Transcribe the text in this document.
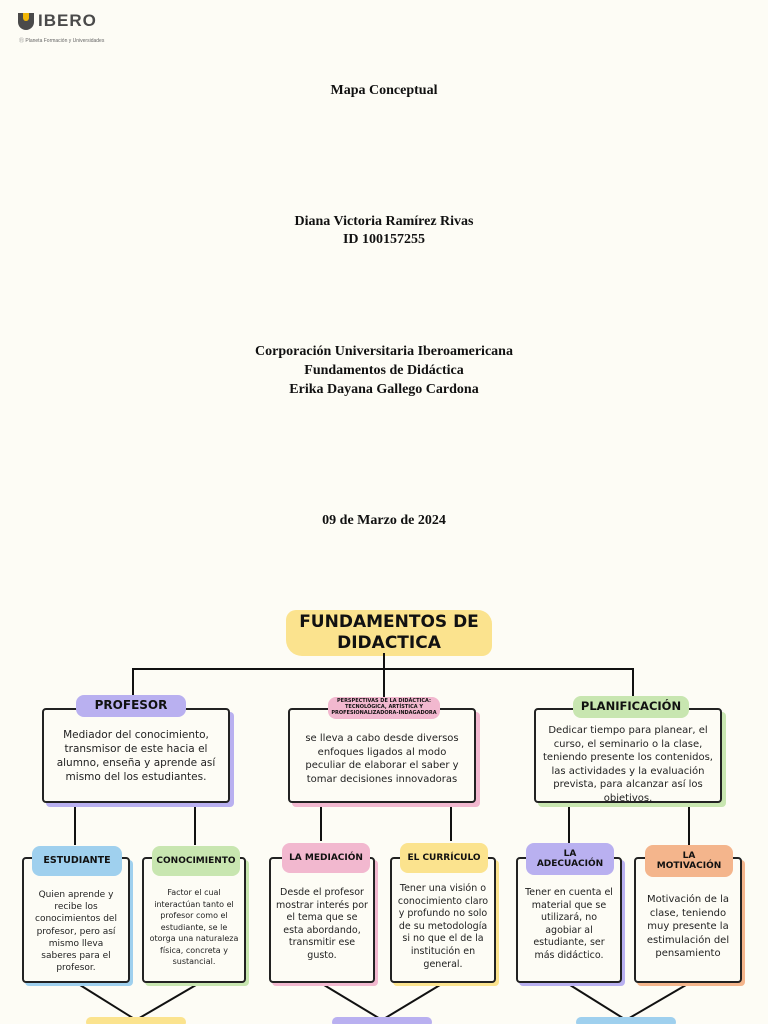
IBERO
Ⓡ Planeta Formación y Universidades
Mapa Conceptual
Diana Victoria Ramírez Rivas
ID 100157255
Corporación Universitaria Iberoamericana
Fundamentos de Didáctica
Erika Dayana Gallego Cardona
09 de Marzo de 2024
FUNDAMENTOS DE DIDACTICA
Mediador del conocimiento, transmisor de este hacia el alumno, enseña y aprende así mismo del los estudiantes.
PROFESOR
se lleva a cabo desde diversos enfoques ligados al modo peculiar de elaborar el saber y tomar decisiones innovadoras
PERSPECTIVAS DE LA DIDÁCTICA: TECNOLÓGICA, ARTÍSTICA Y PROFESIONALIZADORA-INDAGADORA
Dedicar tiempo para planear, el curso, el seminario o la clase, teniendo presente los contenidos, las actividades y la evaluación prevista, para alcanzar así los objetivos.
PLANIFICACIÓN
Quien aprende y recibe los conocimientos del profesor, pero así mismo lleva saberes para el profesor.
ESTUDIANTE
Factor el cual interactúan tanto el profesor como el estudiante, se le otorga una naturaleza física, concreta y sustancial.
CONOCIMIENTO
Desde el profesor mostrar interés por el tema que se esta abordando, transmitir ese gusto.
LA MEDIACIÓN
Tener una visión o conocimiento claro y profundo no solo de su metodología si no que el de la institución en general.
EL CURRÍCULO
Tener en cuenta el material que se utilizará, no agobiar al estudiante, ser más didáctico.
LA ADECUACIÓN
Motivación de la clase, teniendo muy presente la estimulación del pensamiento
LA MOTIVACIÓN
